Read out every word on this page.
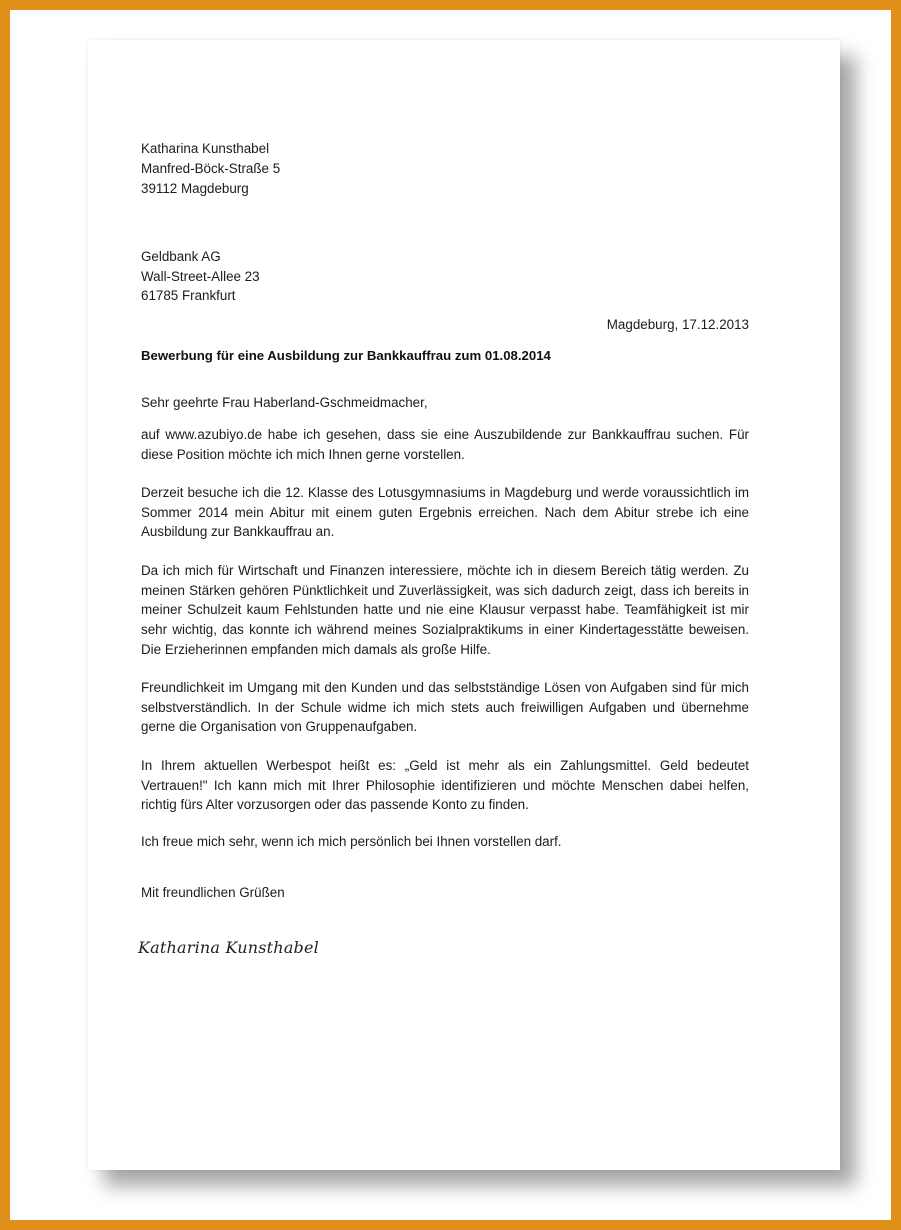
Katharina Kunsthabel
Manfred-Böck-Straße 5
39112 Magdeburg
Geldbank AG
Wall-Street-Allee 23
61785 Frankfurt
Magdeburg, 17.12.2013
Bewerbung für eine Ausbildung zur Bankkauffrau zum 01.08.2014
Sehr geehrte Frau Haberland-Gschmeidmacher,
auf www.azubiyo.de habe ich gesehen, dass sie eine Auszubildende zur Bankkauffrau suchen. Für
diese Position möchte ich mich Ihnen gerne vorstellen.
Derzeit besuche ich die 12. Klasse des Lotusgymnasiums in Magdeburg und werde voraussichtlich im
Sommer 2014 mein Abitur mit einem guten Ergebnis erreichen. Nach dem Abitur strebe ich eine
Ausbildung zur Bankkauffrau an.
Da ich mich für Wirtschaft und Finanzen interessiere, möchte ich in diesem Bereich tätig werden. Zu
meinen Stärken gehören Pünktlichkeit und Zuverlässigkeit, was sich dadurch zeigt, dass ich bereits in
meiner Schulzeit kaum Fehlstunden hatte und nie eine Klausur verpasst habe. Teamfähigkeit ist mir
sehr wichtig, das konnte ich während meines Sozialpraktikums in einer Kindertagesstätte beweisen.
Die Erzieherinnen empfanden mich damals als große Hilfe.
Freundlichkeit im Umgang mit den Kunden und das selbstständige Lösen von Aufgaben sind für mich
selbstverständlich. In der Schule widme ich mich stets auch freiwilligen Aufgaben und übernehme
gerne die Organisation von Gruppenaufgaben.
In Ihrem aktuellen Werbespot heißt es: „Geld ist mehr als ein Zahlungsmittel. Geld bedeutet
Vertrauen!" Ich kann mich mit Ihrer Philosophie identifizieren und möchte Menschen dabei helfen,
richtig fürs Alter vorzusorgen oder das passende Konto zu finden.
Ich freue mich sehr, wenn ich mich persönlich bei Ihnen vorstellen darf.
Mit freundlichen Grüßen
Katharina Kunsthabel
